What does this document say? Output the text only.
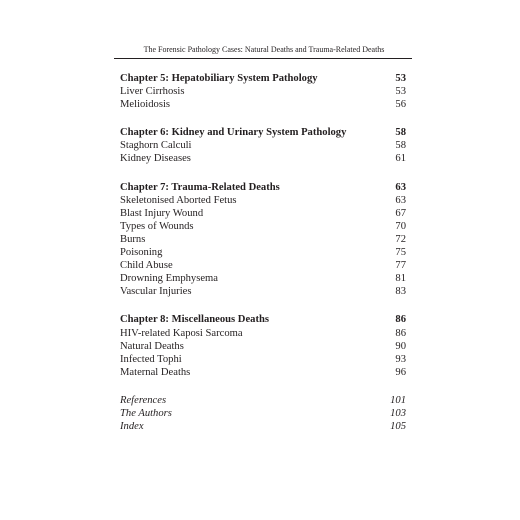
The Forensic Pathology Cases: Natural Deaths and Trauma-Related Deaths
Chapter 5: Hepatobiliary System Pathology	53
Liver Cirrhosis	53
Melioidosis	56
Chapter 6: Kidney and Urinary System Pathology	58
Staghorn Calculi	58
Kidney Diseases	61
Chapter 7: Trauma-Related Deaths	63
Skeletonised Aborted Fetus	63
Blast Injury Wound	67
Types of Wounds	70
Burns	72
Poisoning	75
Child Abuse	77
Drowning Emphysema	81
Vascular Injuries	83
Chapter 8: Miscellaneous Deaths	86
HIV-related Kaposi Sarcoma	86
Natural Deaths	90
Infected Tophi	93
Maternal Deaths	96
References	101
The Authors	103
Index	105
